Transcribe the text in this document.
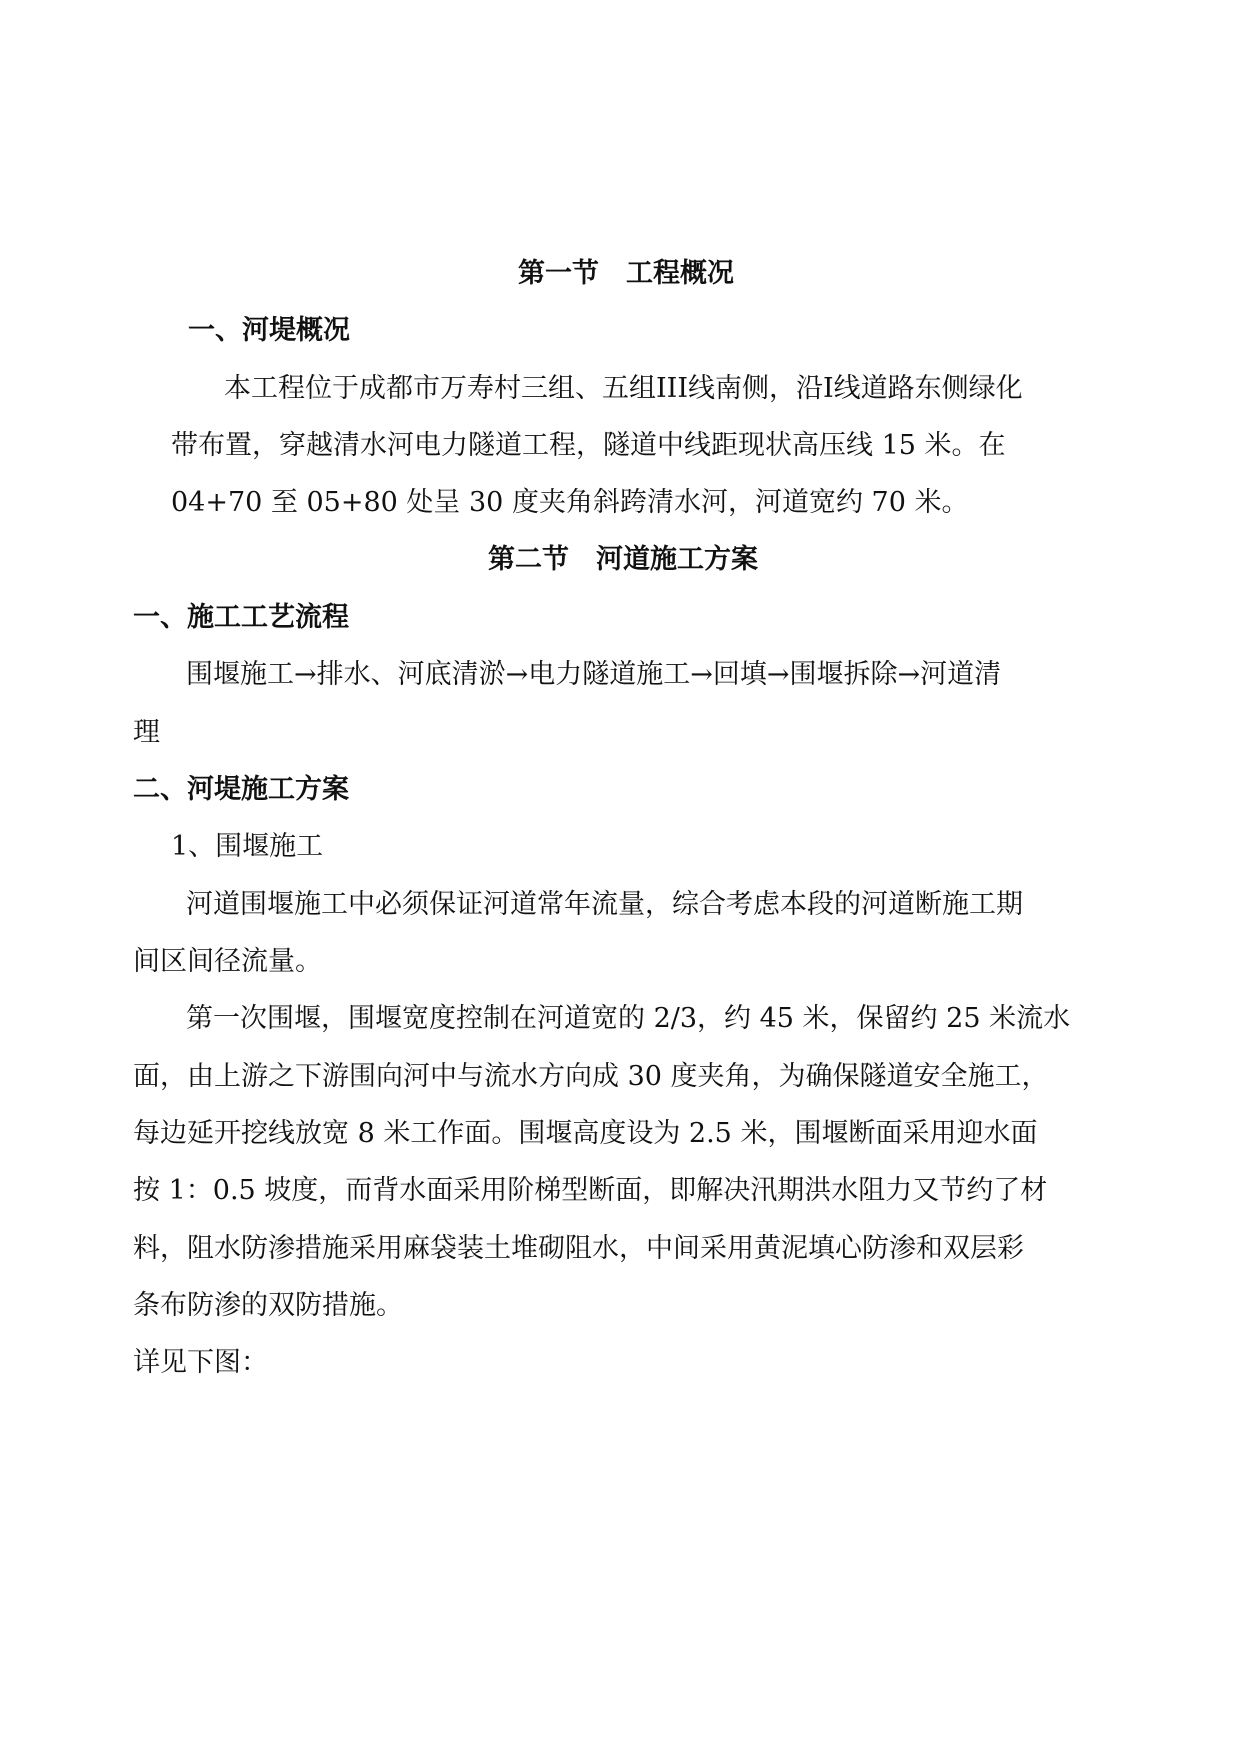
第一节　工程概况
一、河堤概况
本工程位于成都市万寿村三组、五组III线南侧，沿Ⅰ线道路东侧绿化
带布置，穿越清水河电力隧道工程，隧道中线距现状高压线 15 米。在
04+70 至 05+80 处呈 30 度夹角斜跨清水河，河道宽约 70 米。
第二节　河道施工方案
一、施工工艺流程
围堰施工→排水、河底清淤→电力隧道施工→回填→围堰拆除→河道清
理
二、河堤施工方案
1、围堰施工
河道围堰施工中必须保证河道常年流量，综合考虑本段的河道断施工期
间区间径流量。
第一次围堰，围堰宽度控制在河道宽的 2/3，约 45 米，保留约 25 米流水
面，由上游之下游围向河中与流水方向成 30 度夹角，为确保隧道安全施工，
每边延开挖线放宽 8 米工作面。围堰高度设为 2.5 米，围堰断面采用迎水面
按 1：0.5 坡度，而背水面采用阶梯型断面，即解决汛期洪水阻力又节约了材
料，阻水防渗措施采用麻袋装土堆砌阻水，中间采用黄泥填心防渗和双层彩
条布防渗的双防措施。
详见下图：
